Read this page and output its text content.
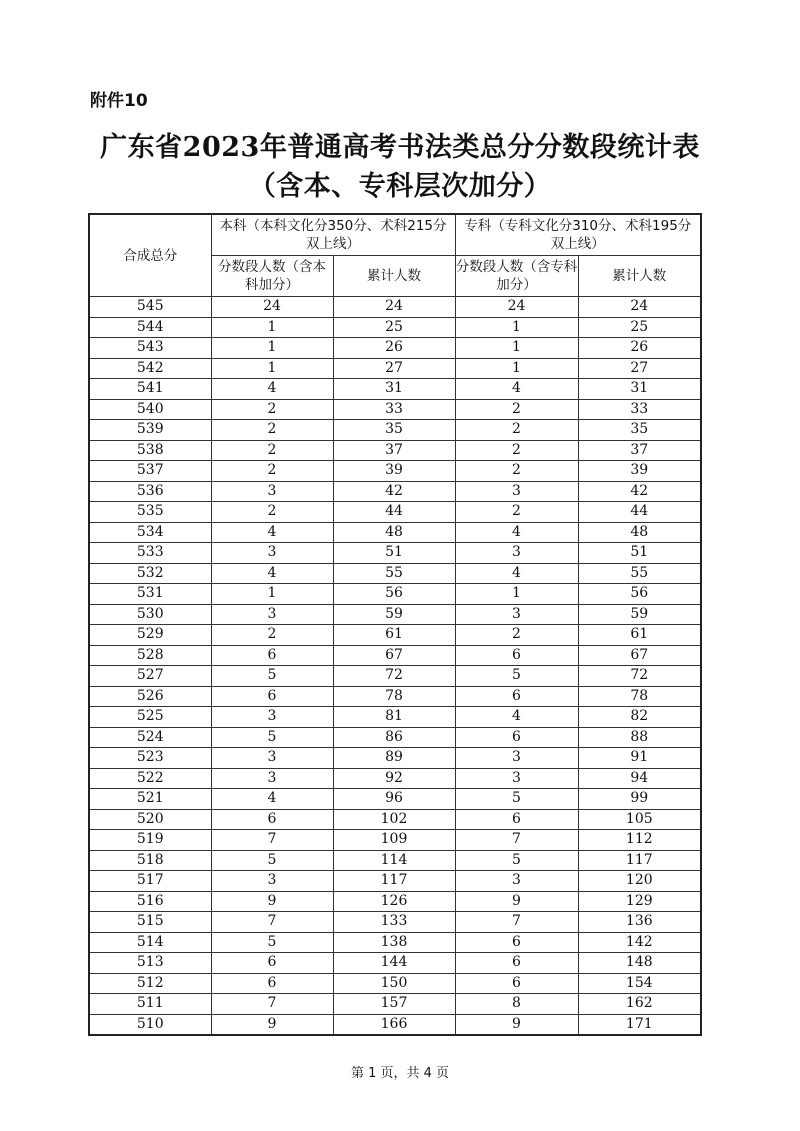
附件10
广东省2023年普通高考书法类总分分数段统计表
（含本、专科层次加分）
合成总分	本科（本科文化分350分、术科215分双上线）		专科（专科文化分310分、术科195分双上线）	
	分数段人数（含本科加分）	累计人数	分数段人数（含专科加分）	累计人数
545	24	24	24	24
544	1	25	1	25
543	1	26	1	26
542	1	27	1	27
541	4	31	4	31
540	2	33	2	33
539	2	35	2	35
538	2	37	2	37
537	2	39	2	39
536	3	42	3	42
535	2	44	2	44
534	4	48	4	48
533	3	51	3	51
532	4	55	4	55
531	1	56	1	56
530	3	59	3	59
529	2	61	2	61
528	6	67	6	67
527	5	72	5	72
526	6	78	6	78
525	3	81	4	82
524	5	86	6	88
523	3	89	3	91
522	3	92	3	94
521	4	96	5	99
520	6	102	6	105
519	7	109	7	112
518	5	114	5	117
517	3	117	3	120
516	9	126	9	129
515	7	133	7	136
514	5	138	6	142
513	6	144	6	148
512	6	150	6	154
511	7	157	8	162
510	9	166	9	171
第 1 页，共 4 页
